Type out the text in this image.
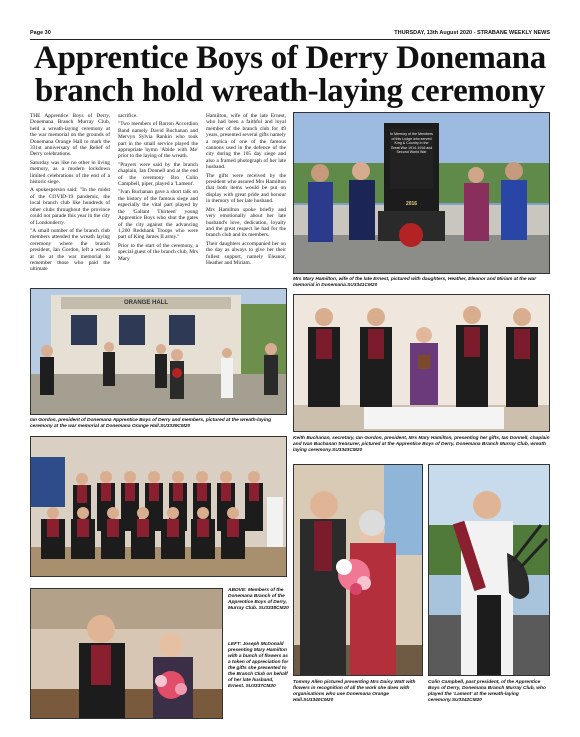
Page 30	THURSDAY, 13th August 2020 - STRABANE WEEKLY NEWS
Apprentice Boys of Derry Donemana
branch hold wreath-laying ceremony

THE Apprentice Boys of Derry, Donemana Branch Murray Club, held a wreath-laying ceremony at the war memorial on the grounds of Donemana Orange Hall to mark the 331st anniversary of the Relief of Derry celebrations.

Saturday was like no other in living memory, as a modern lockdown limited celebrations of the end of a historic siege.

A spokesperson said: "In the midst of the COVID-19 pandemic, the local branch club like hundreds of other clubs throughout the province could not parade this year in the city of Londonderry.

"A small number of the branch club members attended the wreath laying ceremony where the branch president, Ian Gordon, left a wreath at the at the war memorial to remember those who paid the ultimate

sacrifice.

"Two members of Barron Accordion Band namely David Buchanan and Mervyn Sylvia Rankin who took part in the small service played the appropriate hymn 'Abide with Me' prior to the laying of the wreath.

"Prayers were said by the branch chaplain, Ian Donnell and at the end of the ceremony Bro Colin Campbell, piper, played a 'Lament'.

"Ivan Buchanan gave a short talk on the history of the famous siege and especially the vital part played by the 'Gallant Thirteen' young Apprentice Boys who shut the gates of the city against the advancing 1,200 Redshank Troops who were part of King James II army."

Prior to the start of the ceremony, a special guest of the branch club, Mrs Mary

Hamilton, wife of the late Ernest, who had been a faithful and loyal member of the branch club for 49 years, presented several gifts namely a replica of one of the famous cannons used in the defence of the city during the 105 day siege and also a framed photograph of her late husband.

The gifts were received by the president who assured Mrs Hamilton that both items would be put on display with great pride and honour in memory of her late husband.

Mrs Hamilton spoke briefly and very emotionally about her late husband's love, dedication, loyalty and the great respect he had for the branch club and its members.

Their daughters accompanied her on the day as always to give her their fullest support, namely Eleanor, Heather and Miriam.

In Memory of the Members of this Lodge who served King & Country in the Great War 1914-1918 and Second World War
2016
Mrs Mary Hamilton, wife of the late Ernest, pictured with daughters, Heather, Eleanor and Miriam at the war memorial in Donemana.SU3341CM20
ORANGE HALL
Ian Gordon, president of Donemana Apprentice Boys of Derry and members, pictured at the wreath-laying ceremony at the war memorial at Donemana Orange Hall.SU3339CM20
Keith Buchanan, secretary, Ian Gordon, president, Mrs Mary Hamilton, presenting her gifts, Ian Donnell, chaplain and Ivan Buchanan treasurer, pictured at the Apprentice Boys of Derry, Donemana Branch Murray Club, wreath laying ceremony.SU3343CM20
ABOVE: Members of the Donemana Branch of the Apprentice Boys of Derry, Murray Club. SU3338CM20
LEFT: Joseph McDonald presenting Mary Hamilton with a bunch of flowers as a token of appreciation for the gifts she presented to the Branch Club on behalf of her late husband, Ernest. SU3337CM20
Tommy Allen pictured presenting Mrs Daisy Watt with flowers in recognition of all the work she does with organisations who use Donemana Orange Hall.SU3340CM20
Colin Campbell, past president, of the Apprentice Boys of Derry, Donemana Branch Murray Club, who played the 'Lament' at the wreath-laying ceremony.SU3342CM20
